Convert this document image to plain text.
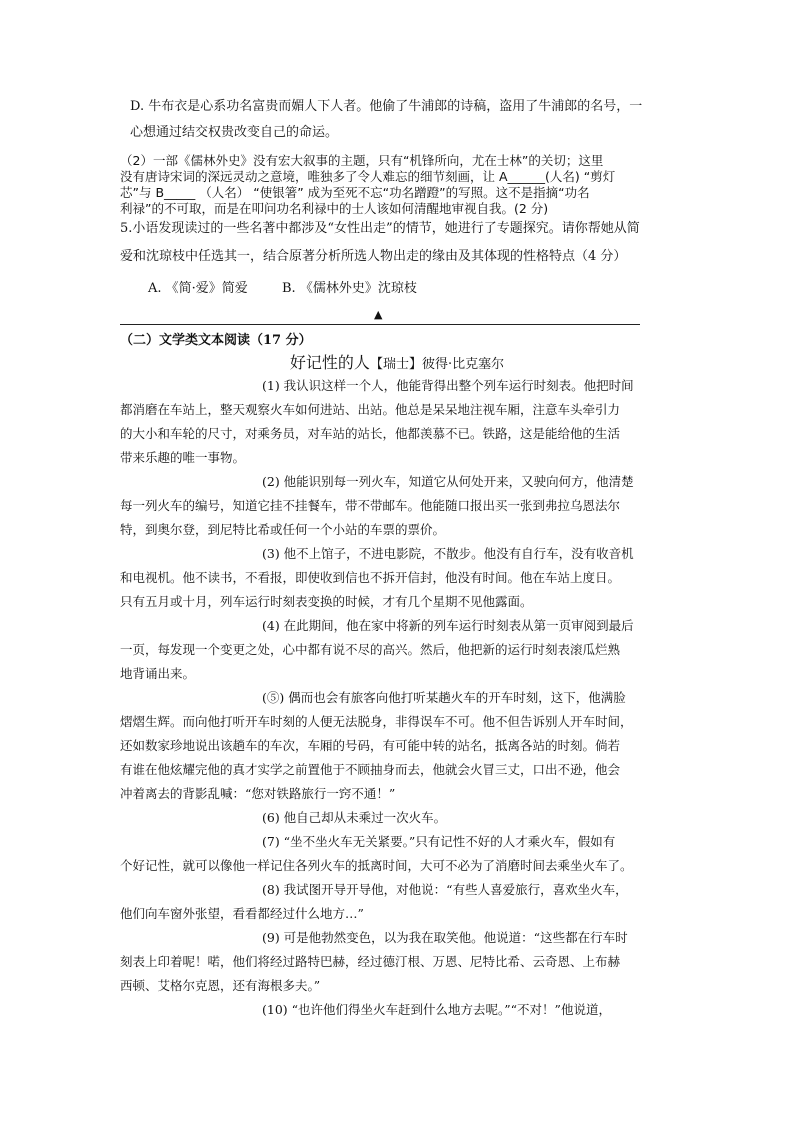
D. 牛布衣是心系功名富贵而媚人下人者。他偷了牛浦郎的诗稿，盗用了牛浦郎的名号，一
心想通过结交权贵改变自己的命运。
（2）一部《儒林外史》没有宏大叙事的主题，只有“机锋所向，尤在士林”的关切；这里
没有唐诗宋词的深远灵动之意境，唯独多了令人难忘的细节刻画，让 A______(人名) “剪灯
芯”与 B_____ （人名） “使银箸” 成为至死不忘“功名蹭蹬”的写照。这不是指摘“功名
利禄”的不可取，而是在叩问功名利禄中的士人该如何清醒地审视自我。(2 分)
5.小语发现读过的一些名著中都涉及“女性出走”的情节，她进行了专题探究。请你帮她从简
爱和沈琼枝中任选其一，结合原著分析所选人物出走的缘由及其体现的性格特点（4 分）
A. 《简·爱》简爱	B. 《儒林外史》沈琼枝
▲
（二）文学类文本阅读（17 分）
好记性的人【瑞士】彼得·比克塞尔
(1) 我认识这样一个人，他能背得出整个列车运行时刻表。他把时间
都消磨在车站上，整天观察火车如何进站、出站。他总是呆呆地注视车厢，注意车头牵引力
的大小和车轮的尺寸，对乘务员，对车站的站长，他都羡慕不已。铁路，这是能给他的生活
带来乐趣的唯一事物。
(2) 他能识别每一列火车，知道它从何处开来，又驶向何方，他清楚
每一列火车的编号，知道它挂不挂餐车，带不带邮车。他能随口报出买一张到弗拉乌恩法尔
特，到奥尔登，到尼特比希或任何一个小站的车票的票价。
(3) 他不上馆子，不进电影院，不散步。他没有自行车，没有收音机
和电视机。他不读书，不看报，即使收到信也不拆开信封，他没有时间。他在车站上度日。
只有五月或十月，列车运行时刻表变换的时候，才有几个星期不见他露面。
(4) 在此期间，他在家中将新的列车运行时刻表从第一页审阅到最后
一页，每发现一个变更之处，心中都有说不尽的高兴。然后，他把新的运行时刻表滚瓜烂熟
地背诵出来。
(⑤) 偶而也会有旅客向他打听某趟火车的开车时刻，这下，他满脸
熠熠生辉。而向他打听开车时刻的人便无法脱身，非得误车不可。他不但告诉别人开车时间，
还如数家珍地说出该趟车的车次，车厢的号码，有可能中转的站名，抵离各站的时刻。倘若
有谁在他炫耀完他的真才实学之前置他于不顾抽身而去，他就会火冒三丈，口出不逊，他会
冲着离去的背影乱喊：“您对铁路旅行一窍不通！”
(6) 他自己却从未乘过一次火车。
(7) “坐不坐火车无关紧要。”只有记性不好的人才乘火车，假如有
个好记性，就可以像他一样记住各列火车的抵离时间，大可不必为了消磨时间去乘坐火车了。
(8) 我试图开导开导他，对他说：“有些人喜爱旅行，喜欢坐火车，
他们向车窗外张望，看看都经过什么地方…”
(9) 可是他勃然变色，以为我在取笑他。他说道：“这些都在行车时
刻表上印着呢！喏，他们将经过路特巴赫，经过德汀根、万恩、尼特比希、云奇恩、上布赫
西顿、艾格尔克恩，还有海根多夫。”
(10) “也许他们得坐火车赶到什么地方去呢。”“不对！”他说道，
